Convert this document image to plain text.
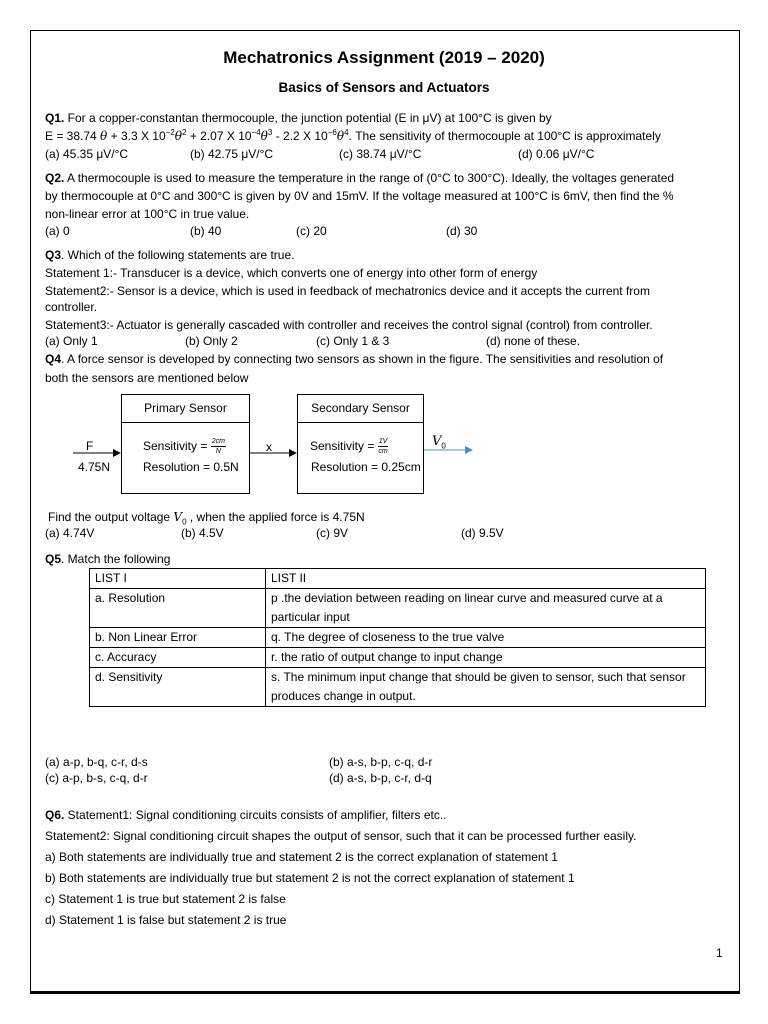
Mechatronics Assignment (2019 – 2020)
Basics of Sensors and Actuators
Q1. For a copper-constantan thermocouple, the junction potential (E in μV) at 100°C is given by
E = 38.74 θ + 3.3 X $10^{-2}\theta^2 + 2.07$ X $10^{-4}\theta^3 - 2.2$ X $10^{-6}\theta^4$. The sensitivity of thermocouple at 100°C is approximately
(a) 45.35 μV/°C	(b) 42.75 μV/°C	(c) 38.74 μV/°C	(d) 0.06 μV/°C
Q2. A thermocouple is used to measure the temperature in the range of (0°C to 300°C). Ideally, the voltages generated
by thermocouple at 0°C and 300°C is given by 0V and 15mV. If the voltage measured at 100°C is 6mV, then find the %
non-linear error at 100°C in true value.
(a) 0	(b) 40	(c) 20	(d) 30
Q3. Which of the following statements are true.
Statement 1:- Transducer is a device, which converts one of energy into other form of energy
Statement2:- Sensor is a device, which is used in feedback of mechatronics device and it accepts the current from
controller.
Statement3:- Actuator is generally cascaded with controller and receives the control signal (control) from controller.
(a) Only 1	(b) Only 2	(c) Only 1 & 3	(d) none of these.
Q4. A force sensor is developed by connecting two sensors as shown in the figure. The sensitivities and resolution of
both the sensors are mentioned below
Primary Sensor
Sensitivity = $\frac{2cm}{N}$
Resolution = 0.5N
Secondary Sensor
Sensitivity = $\frac{1V}{cm}$
Resolution = 0.25cm
F
4.75N
x	$V_0$
Find the output voltage $V_0$ , when the applied force is 4.75N
(a) 4.74V	(b) 4.5V	(c) 9V	(d) 9.5V
Q5. Match the following
LIST I	LIST II
a. Resolution	p .the deviation between reading on linear curve and measured curve at a particular input
b. Non Linear Error	q. The degree of closeness to the true valve
c. Accuracy	r. the ratio of output change to input change
d. Sensitivity	s. The minimum input change that should be given to sensor, such that sensor produces change in output.
(a) a-p, b-q, c-r, d-s	(b) a-s, b-p, c-q, d-r
(c) a-p, b-s, c-q, d-r	(d) a-s, b-p, c-r, d-q
Q6. Statement1: Signal conditioning circuits consists of amplifier, filters etc..
Statement2: Signal conditioning circuit shapes the output of sensor, such that it can be processed further easily.
a) Both statements are individually true and statement 2 is the correct explanation of statement 1
b) Both statements are individually true but statement 2 is not the correct explanation of statement 1
c) Statement 1 is true but statement 2 is false
d) Statement 1 is false but statement 2 is true
1
